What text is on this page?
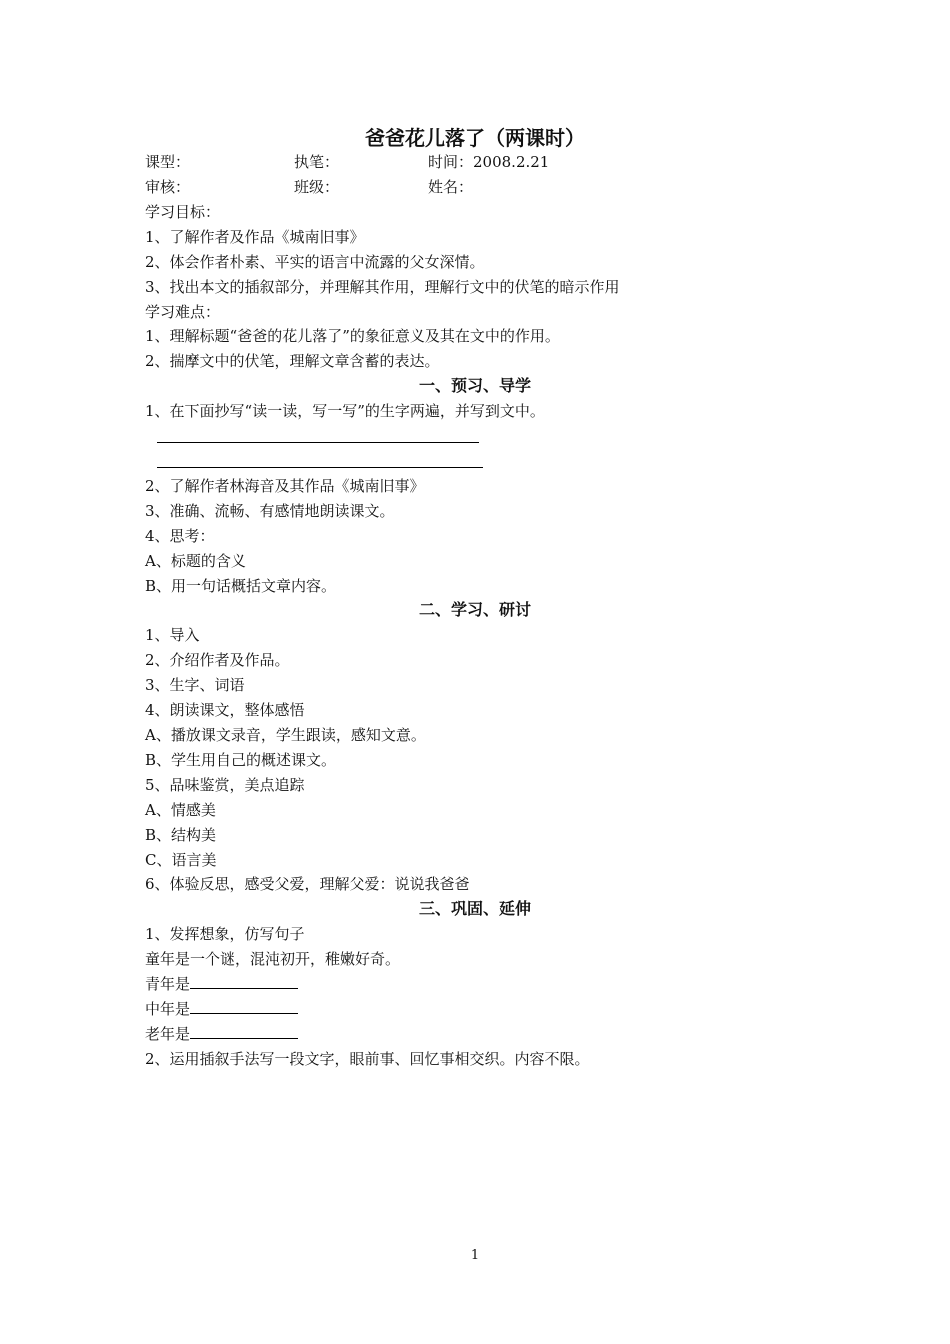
爸爸花儿落了（两课时）
课型：	执笔：	时间：2008.2.21
审核：	班级：	姓名：
学习目标：
1、了解作者及作品《城南旧事》
2、体会作者朴素、平实的语言中流露的父女深情。
3、找出本文的插叙部分，并理解其作用，理解行文中的伏笔的暗示作用
学习难点：
1、理解标题“爸爸的花儿落了”的象征意义及其在文中的作用。
2、揣摩文中的伏笔，理解文章含蓄的表达。
一、预习、导学
1、在下面抄写“读一读，写一写”的生字两遍，并写到文中。
2、了解作者林海音及其作品《城南旧事》
3、准确、流畅、有感情地朗读课文。
4、思考：
A、标题的含义
B、用一句话概括文章内容。
二、学习、研讨
1、导入
2、介绍作者及作品。
3、生字、词语
4、朗读课文，整体感悟
A、播放课文录音，学生跟读，感知文意。
B、学生用自己的概述课文。
5、品味鉴赏，美点追踪
A、情感美
B、结构美
C、语言美
6、体验反思，感受父爱，理解父爱：说说我爸爸
三、巩固、延伸
1、发挥想象，仿写句子
童年是一个谜，混沌初开，稚嫩好奇。
青年是
中年是
老年是
2、运用插叙手法写一段文字，眼前事、回忆事相交织。内容不限。
1
